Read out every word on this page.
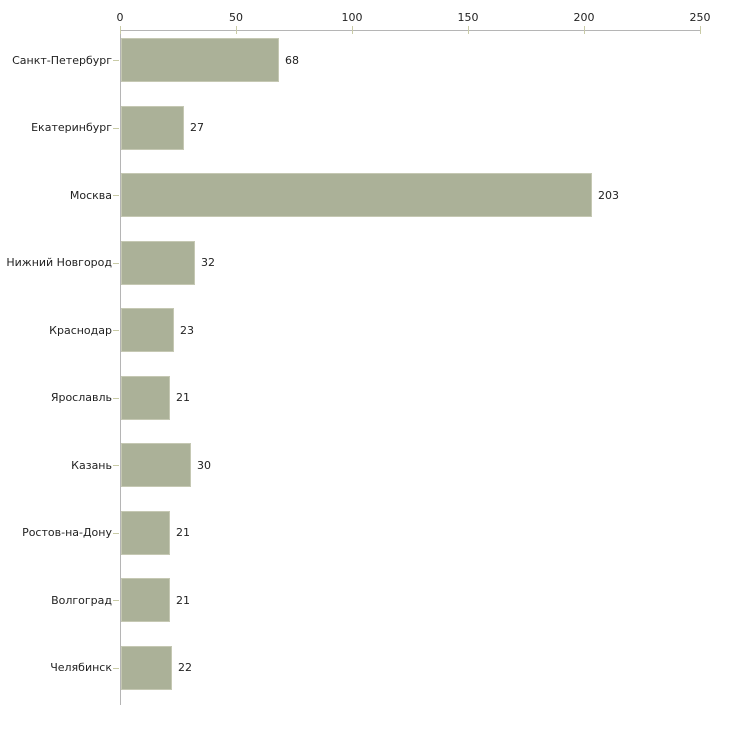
0	50	100	150	200	250
Санкт-Петербург	68
Екатеринбург	27
Москва	203
Нижний Новгород	32
Краснодар	23
Ярославль	21
Казань	30
Ростов-на-Дону	21
Волгоград	21
Челябинск	22
